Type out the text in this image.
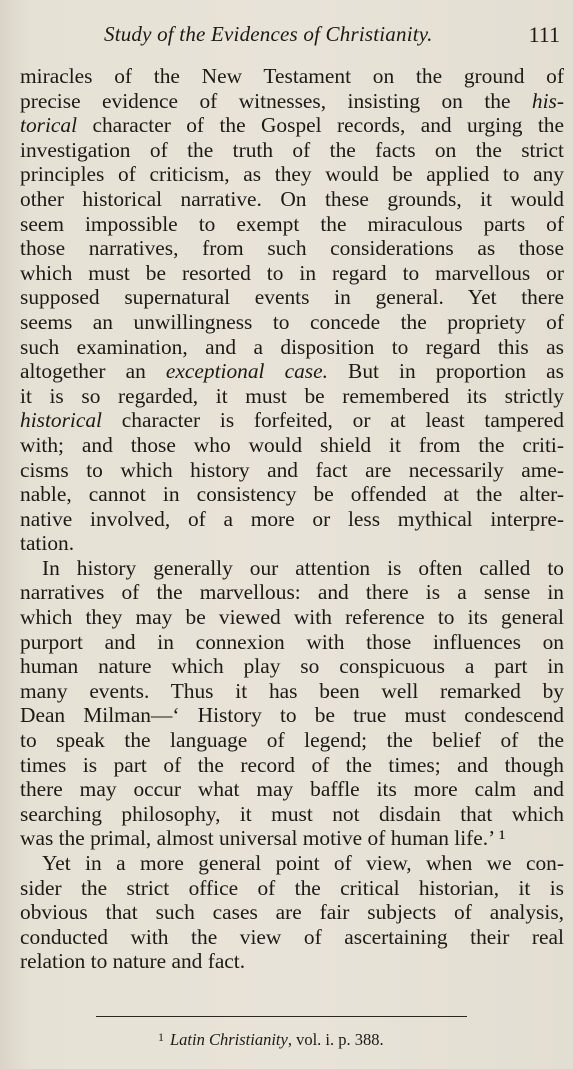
Study of the Evidences of Christianity.	111
miracles of the New Testament on the ground of
precise evidence of witnesses, insisting on the his-
torical character of the Gospel records, and urging the
investigation of the truth of the facts on the strict
principles of criticism, as they would be applied to any
other historical narrative. On these grounds, it would
seem impossible to exempt the miraculous parts of
those narratives, from such considerations as those
which must be resorted to in regard to marvellous or
supposed supernatural events in general. Yet there
seems an unwillingness to concede the propriety of
such examination, and a disposition to regard this as
altogether an exceptional case. But in proportion as
it is so regarded, it must be remembered its strictly
historical character is forfeited, or at least tampered
with; and those who would shield it from the criti-
cisms to which history and fact are necessarily ame-
nable, cannot in consistency be offended at the alter-
native involved, of a more or less mythical interpre-
tation.
In history generally our attention is often called to
narratives of the marvellous: and there is a sense in
which they may be viewed with reference to its general
purport and in connexion with those influences on
human nature which play so conspicuous a part in
many events. Thus it has been well remarked by
Dean Milman—‘ History to be true must condescend
to speak the language of legend; the belief of the
times is part of the record of the times; and though
there may occur what may baffle its more calm and
searching philosophy, it must not disdain that which
was the primal, almost universal motive of human life.’ ¹
Yet in a more general point of view, when we con-
sider the strict office of the critical historian, it is
obvious that such cases are fair subjects of analysis,
conducted with the view of ascertaining their real
relation to nature and fact.
$^1$ Latin Christianity, vol. i. p. 388.
